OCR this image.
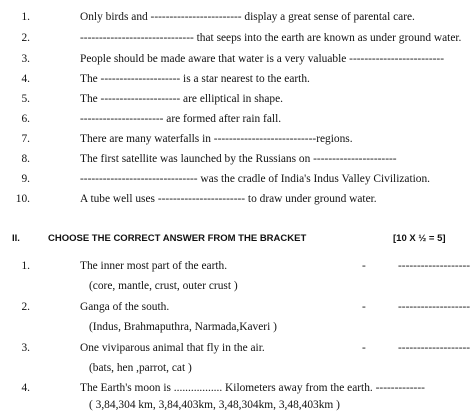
1.	Only birds and ------------------------ display a great sense of parental care.
2.	------------------------------ that seeps into the earth are known as under ground water.
3.	People should be made aware that water is a very valuable -------------------------
4.	The --------------------- is a star nearest to the earth.
5.	The --------------------- are elliptical in shape.
6.	---------------------- are formed after rain fall.
7.	There are many waterfalls in ---------------------------regions.
8.	The first satellite was launched by the Russians on ----------------------
9.	------------------------------- was the cradle of India's Indus Valley Civilization.
10.	A tube well uses ----------------------- to draw under ground water.
II.	CHOOSE THE CORRECT ANSWER FROM THE BRACKET	[10 X ½ = 5]
1.	The inner most part of the earth.	-	-------------------
(core, mantle, crust, outer crust )
2.	Ganga of the south.	-	-------------------
(Indus, Brahmaputhra, Narmada,Kaveri )
3.	One viviparous animal that fly in the air.	-	-------------------
(bats, hen ,parrot, cat )
4.	The Earth's moon is ................. Kilometers away from the earth. -------------
( 3,84,304 km, 3,84,403km, 3,48,304km, 3,48,403km )
